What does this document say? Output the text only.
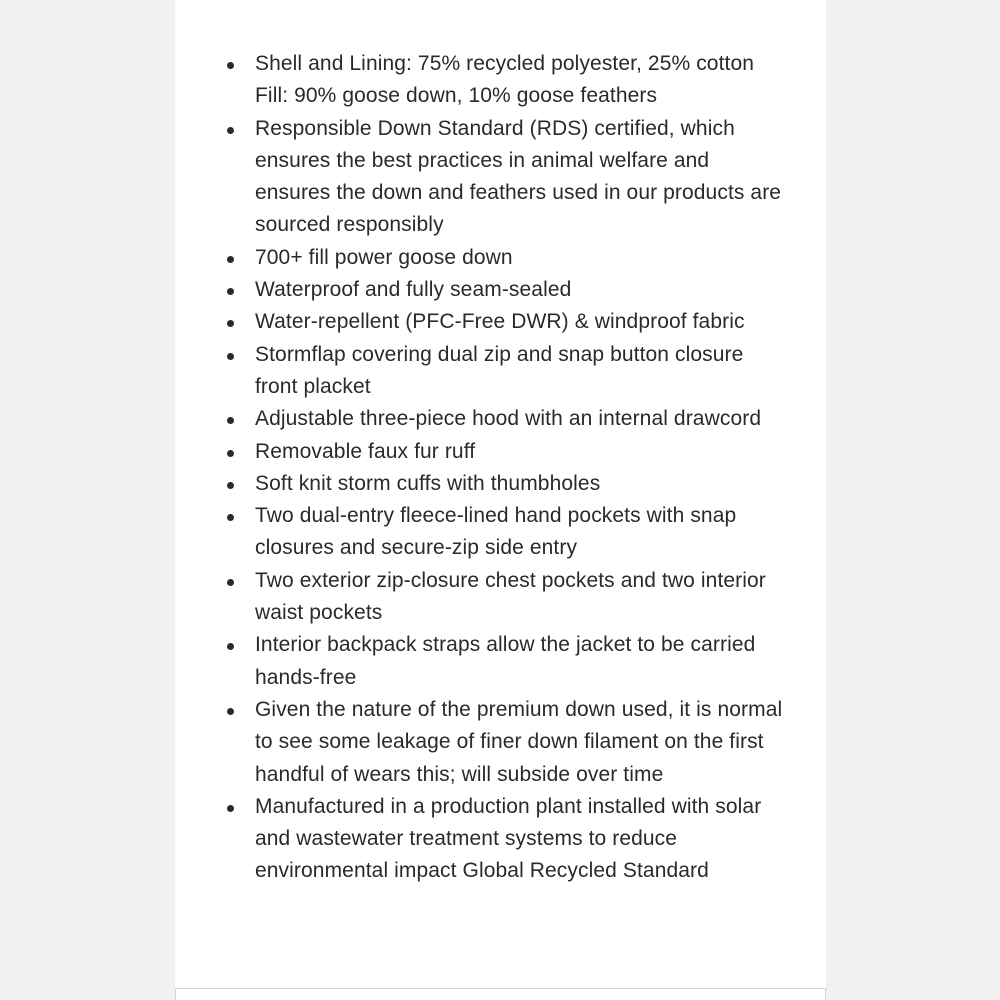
Shell and Lining: 75% recycled polyester, 25% cotton Fill: 90% goose down, 10% goose feathers
Responsible Down Standard (RDS) certified, which ensures the best practices in animal welfare and ensures the down and feathers used in our products are sourced responsibly
700+ fill power goose down
Waterproof and fully seam-sealed
Water-repellent (PFC-Free DWR) & windproof fabric
Stormflap covering dual zip and snap button closure front placket
Adjustable three-piece hood with an internal drawcord
Removable faux fur ruff
Soft knit storm cuffs with thumbholes
Two dual-entry fleece-lined hand pockets with snap closures and secure-zip side entry
Two exterior zip-closure chest pockets and two interior waist pockets
Interior backpack straps allow the jacket to be carried hands-free
Given the nature of the premium down used, it is normal to see some leakage of finer down filament on the first handful of wears this; will subside over time
Manufactured in a production plant installed with solar and wastewater treatment systems to reduce environmental impact Global Recycled Standard
